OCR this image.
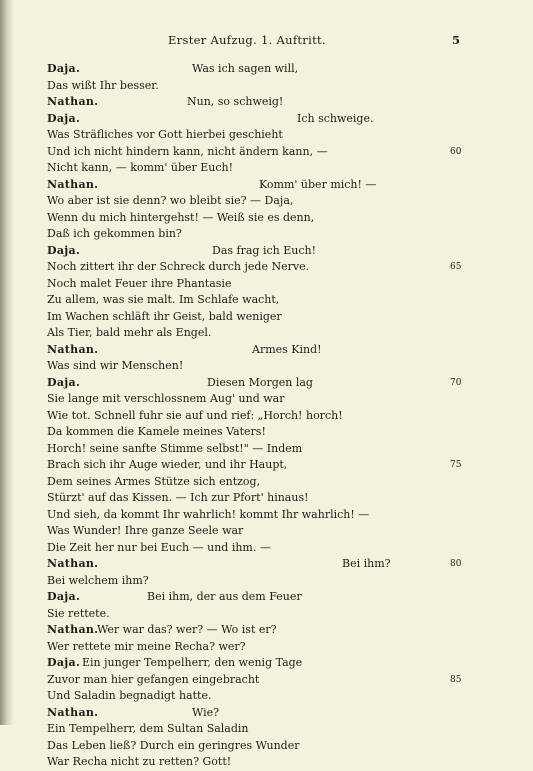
Erster Aufzug. 1. Auftritt.	5
Daja.	Was ich sagen will,
Das wißt Ihr besser.
Nathan.	Nun, so schweig!
Daja.	Ich schweige.
Was Sträfliches vor Gott hierbei geschieht
Und ich nicht hindern kann, nicht ändern kann, —	60
Nicht kann, — komm' über Euch!
Nathan.	Komm' über mich! —
Wo aber ist sie denn? wo bleibt sie? — Daja,
Wenn du mich hintergehst! — Weiß sie es denn,
Daß ich gekommen bin?
Daja.	Das frag ich Euch!
Noch zittert ihr der Schreck durch jede Nerve.	65
Noch malet Feuer ihre Phantasie
Zu allem, was sie malt. Im Schlafe wacht,
Im Wachen schläft ihr Geist, bald weniger
Als Tier, bald mehr als Engel.
Nathan.	Armes Kind!
Was sind wir Menschen!
Daja.	Diesen Morgen lag	70
Sie lange mit verschlossnem Aug' und war
Wie tot. Schnell fuhr sie auf und rief: „Horch! horch!
Da kommen die Kamele meines Vaters!
Horch! seine sanfte Stimme selbst!" — Indem
Brach sich ihr Auge wieder, und ihr Haupt,	75
Dem seines Armes Stütze sich entzog,
Stürzt' auf das Kissen. — Ich zur Pfort' hinaus!
Und sieh, da kommt Ihr wahrlich! kommt Ihr wahrlich! —
Was Wunder! Ihre ganze Seele war
Die Zeit her nur bei Euch — und ihm. —
Nathan.	Bei ihm?	80
Bei welchem ihm?
Daja.	Bei ihm, der aus dem Feuer
Sie rettete.
Nathan.
Wer war das? wer? — Wo ist er?
Wer rettete mir meine Recha? wer?
Daja. Ein junger Tempelherr, den wenig Tage
Zuvor man hier gefangen eingebracht	85
Und Saladin begnadigt hatte.
Nathan.	Wie?
Ein Tempelherr, dem Sultan Saladin
Das Leben ließ? Durch ein geringres Wunder
War Recha nicht zu retten? Gott!
